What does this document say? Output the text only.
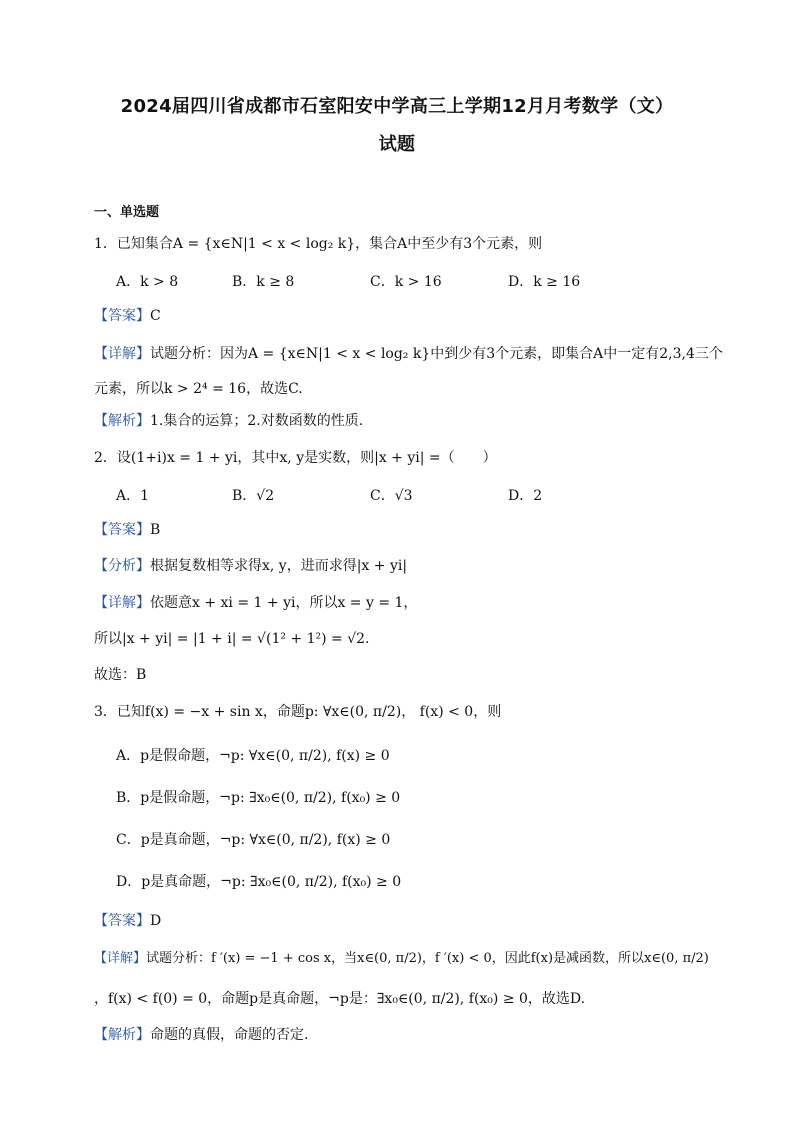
2024届四川省成都市石室阳安中学高三上学期12月月考数学（文）
试题
一、单选题
1．已知集合A = {x∈N|1 < x < log₂ k}，集合A中至少有3个元素，则
A．k > 8	B．k ≥ 8	C．k > 16	D．k ≥ 16
【答案】C
【详解】试题分析：因为A = {x∈N|1 < x < log₂ k}中到少有3个元素，即集合A中一定有2,3,4三个
元素，所以k > 2⁴ = 16，故选C.
【解析】1.集合的运算；2.对数函数的性质.
2．设(1+i)x = 1 + yi，其中x, y是实数，则|x + yi| =（　　）
A．1	B．√2	C．√3	D．2
【答案】B
【分析】根据复数相等求得x, y，进而求得|x + yi|
【详解】依题意x + xi = 1 + yi，所以x = y = 1，
所以|x + yi| = |1 + i| = √(1² + 1²) = √2.
故选：B
3．已知f(x) = −x + sin x，命题p: ∀x∈(0, π/2)， f(x) < 0，则
A．p是假命题，¬p: ∀x∈(0, π/2), f(x) ≥ 0
B．p是假命题，¬p: ∃x₀∈(0, π/2), f(x₀) ≥ 0
C．p是真命题，¬p: ∀x∈(0, π/2), f(x) ≥ 0
D．p是真命题，¬p: ∃x₀∈(0, π/2), f(x₀) ≥ 0
【答案】D
【详解】试题分析：f ′(x) = −1 + cos x，当x∈(0, π/2)，f ′(x) < 0，因此f(x)是减函数，所以x∈(0, π/2)
，f(x) < f(0) = 0，命题p是真命题，¬p是：∃x₀∈(0, π/2), f(x₀) ≥ 0，故选D.
【解析】命题的真假，命题的否定.
